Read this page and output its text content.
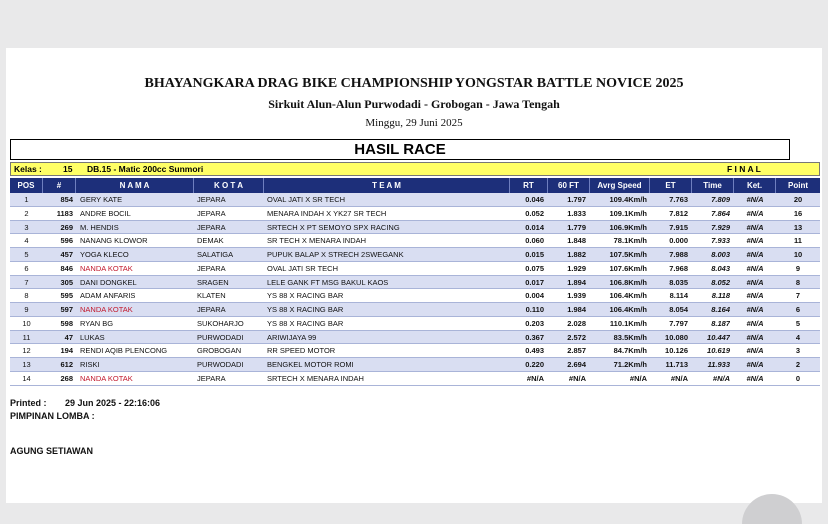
BHAYANGKARA DRAG BIKE CHAMPIONSHIP YONGSTAR BATTLE NOVICE 2025
Sirkuit Alun-Alun Purwodadi - Grobogan - Jawa Tengah
Minggu, 29 Juni 2025
HASIL RACE
Kelas : 15 DB.15 - Matic 200cc Sunmori	F I N A L
POS	#	N A M A	K O T A	T E A M	RT	60 FT	Avrg Speed	ET	Time	Ket.	Point
1	854 GERY KATE	JEPARA	OVAL JATI X SR TECH	0.046	1.797	109.4Km/h	7.763	7.809	#N/A	20
2	1183 ANDRE BOCIL	JEPARA	MENARA INDAH X YK27 SR TECH	0.052	1.833	109.1Km/h	7.812	7.864	#N/A	16
3	269 M. HENDIS	JEPARA	SRTECH X PT SEMOYO SPX RACING	0.014	1.779	106.9Km/h	7.915	7.929	#N/A	13
4	596 NANANG KLOWOR	DEMAK	SR TECH X MENARA INDAH	0.060	1.848	78.1Km/h	0.000	7.933	#N/A	11
5	457 YOGA KLECO	SALATIGA	PUPUK BALAP X STRECH 2SWEGANK	0.015	1.882	107.5Km/h	7.988	8.003	#N/A	10
6	846 NANDA KOTAK	JEPARA	OVAL JATI SR TECH	0.075	1.929	107.6Km/h	7.968	8.043	#N/A	9
7	305 DANI DONGKEL	SRAGEN	LELE GANK FT MSG BAKUL KAOS	0.017	1.894	106.8Km/h	8.035	8.052	#N/A	8
8	595 ADAM ANFARIS	KLATEN	YS 88 X RACING BAR	0.004	1.939	106.4Km/h	8.114	8.118	#N/A	7
9	597 NANDA KOTAK	JEPARA	YS 88 X RACING BAR	0.110	1.984	106.4Km/h	8.054	8.164	#N/A	6
10	598 RYAN BG	SUKOHARJO	YS 88 X RACING BAR	0.203	2.028	110.1Km/h	7.797	8.187	#N/A	5
11	47 LUKAS	PURWODADI	ARIWIJAYA 99	0.367	2.572	83.5Km/h	10.080	10.447	#N/A	4
12	194 RENDI AQIB PLENCONG	GROBOGAN	RR SPEED MOTOR	0.493	2.857	84.7Km/h	10.126	10.619	#N/A	3
13	612 RISKI	PURWODADI	BENGKEL MOTOR ROMI	0.220	2.694	71.2Km/h	11.713	11.933	#N/A	2
14	268 NANDA KOTAK	JEPARA	SRTECH X MENARA INDAH	#N/A	#N/A	#N/A	#N/A	#N/A	#N/A	0
Printed : 29 Jun 2025 - 22:16:06
PIMPINAN LOMBA :
AGUNG SETIAWAN
